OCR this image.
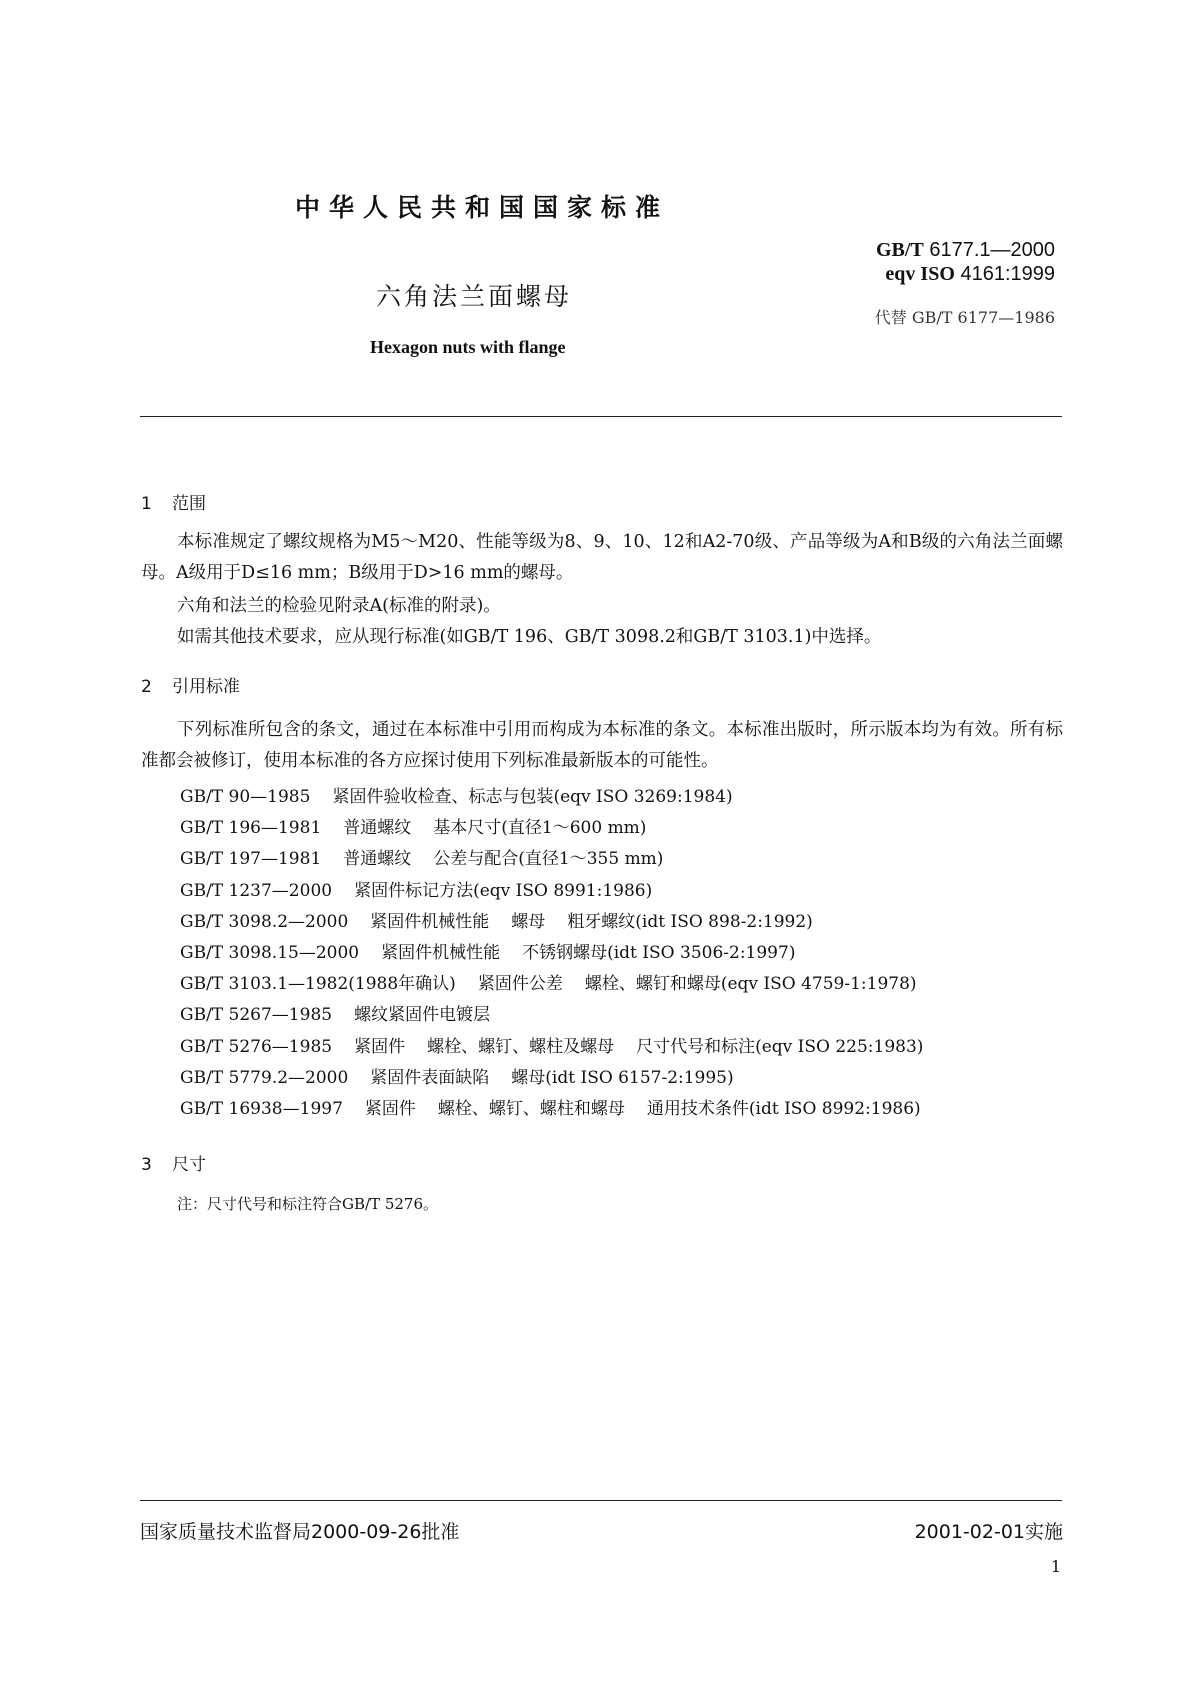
中华人民共和国国家标准
GB/T 6177.1—2000
eqv ISO 4161:1999
代替 GB/T 6177—1986
六角法兰面螺母
Hexagon nuts with flange
1 范围
本标准规定了螺纹规格为M5～M20、性能等级为8、9、10、12和A2-70级、产品等级为A和B级的六角法兰面螺母。A级用于D≤16 mm；B级用于D>16 mm的螺母。
六角和法兰的检验见附录A(标准的附录)。
如需其他技术要求，应从现行标准(如GB/T 196、GB/T 3098.2和GB/T 3103.1)中选择。
2 引用标准
下列标准所包含的条文，通过在本标准中引用而构成为本标准的条文。本标准出版时，所示版本均为有效。所有标准都会被修订，使用本标准的各方应探讨使用下列标准最新版本的可能性。
GB/T 90—1985 紧固件验收检查、标志与包装(eqv ISO 3269:1984)
GB/T 196—1981 普通螺纹 基本尺寸(直径1～600 mm)
GB/T 197—1981 普通螺纹 公差与配合(直径1～355 mm)
GB/T 1237—2000 紧固件标记方法(eqv ISO 8991:1986)
GB/T 3098.2—2000 紧固件机械性能 螺母 粗牙螺纹(idt ISO 898-2:1992)
GB/T 3098.15—2000 紧固件机械性能 不锈钢螺母(idt ISO 3506-2:1997)
GB/T 3103.1—1982(1988年确认) 紧固件公差 螺栓、螺钉和螺母(eqv ISO 4759-1:1978)
GB/T 5267—1985 螺纹紧固件电镀层
GB/T 5276—1985 紧固件 螺栓、螺钉、螺柱及螺母 尺寸代号和标注(eqv ISO 225:1983)
GB/T 5779.2—2000 紧固件表面缺陷 螺母(idt ISO 6157-2:1995)
GB/T 16938—1997 紧固件 螺栓、螺钉、螺柱和螺母 通用技术条件(idt ISO 8992:1986)
3 尺寸
注：尺寸代号和标注符合GB/T 5276。
国家质量技术监督局2000-09-26批准	2001-02-01实施
1
